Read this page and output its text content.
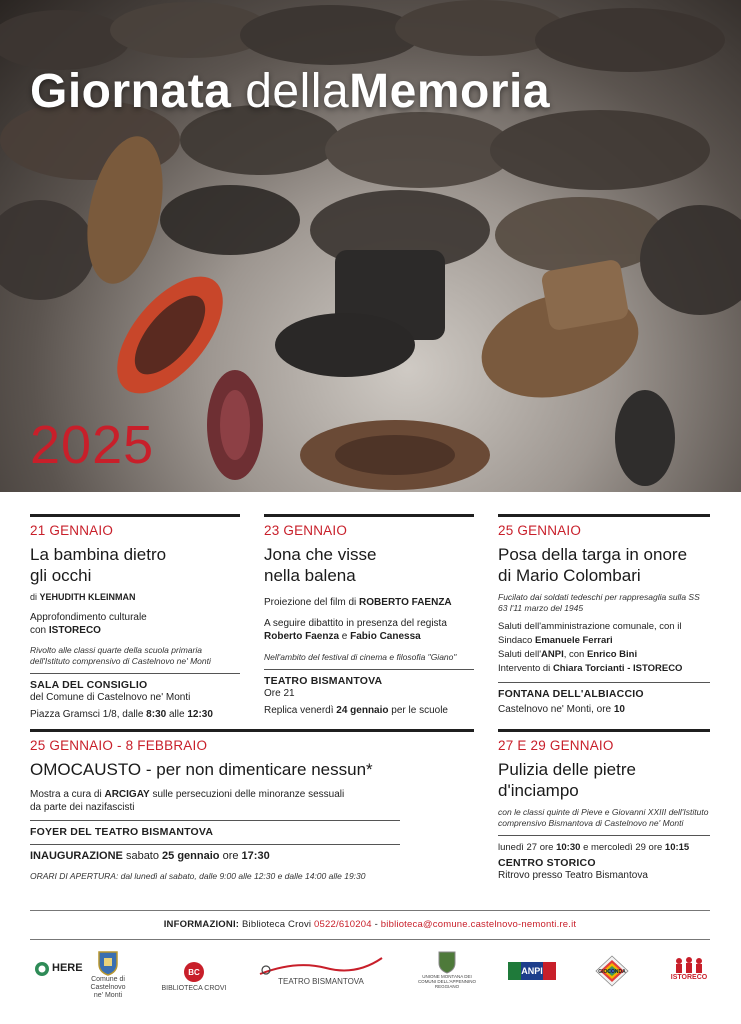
Giornata dellaMemoria
2025
21 GENNAIO
La bambina dietro
gli occhi
di YEHUDITH KLEINMAN
Approfondimento culturale
con ISTORECO
Rivolto alle classi quarte della scuola primaria dell'Istituto comprensivo di Castelnovo ne' Monti
SALA DEL CONSIGLIO
del Comune di Castelnovo ne' Monti
Piazza Gramsci 1/8, dalle 8:30 alle 12:30
23 GENNAIO
Jona che visse
nella balena
Proiezione del film di ROBERTO FAENZA
A seguire dibattito in presenza del regista
Roberto Faenza e Fabio Canessa
Nell'ambito del festival di cinema e filosofia "Giano"
TEATRO BISMANTOVA
Ore 21
Replica venerdì 24 gennaio per le scuole
25 GENNAIO
Posa della targa in onore
di Mario Colombari
Fucilato dai soldati tedeschi per rappresaglia sulla SS 63 l'11 marzo del 1945
Saluti dell'amministrazione comunale, con il
Sindaco Emanuele Ferrari
Saluti dell'ANPI, con Enrico Bini
Intervento di Chiara Torcianti - ISTORECO
FONTANA DELL'ALBIACCIO
Castelnovo ne' Monti, ore 10
25 GENNAIO - 8 FEBBRAIO
OMOCAUSTO - per non dimenticare nessun*
Mostra a cura di ARCIGAY sulle persecuzioni delle minoranze sessuali
da parte dei nazifascisti
FOYER DEL TEATRO BISMANTOVA
INAUGURAZIONE sabato 25 gennaio ore 17:30
ORARI DI APERTURA: dal lunedì al sabato, dalle 9:00 alle 12:30 e dalle 14:00 alle 19:30
27 E 29 GENNAIO
Pulizia delle pietre
d'inciampo
con le classi quinte di Pieve e Giovanni XXIII dell'Istituto comprensivo Bismantova di Castelnovo ne' Monti
lunedì 27 ore 10:30 e mercoledì 29 ore 10:15
CENTRO STORICO
Ritrovo presso Teatro Bismantova
INFORMAZIONI: Biblioteca Crovi 0522/610204 - biblioteca@comune.castelnovo-nemonti.re.it
HERE
Comune di Castelnovo ne' Monti
BC
BIBLIOTECA CROVI
TEATRO BISMANTOVA
UNIONE MONTANA DEI COMUNI DELL'APPENNINO REGGIANO
ANPI	GIOCONDA
ISTORECO
